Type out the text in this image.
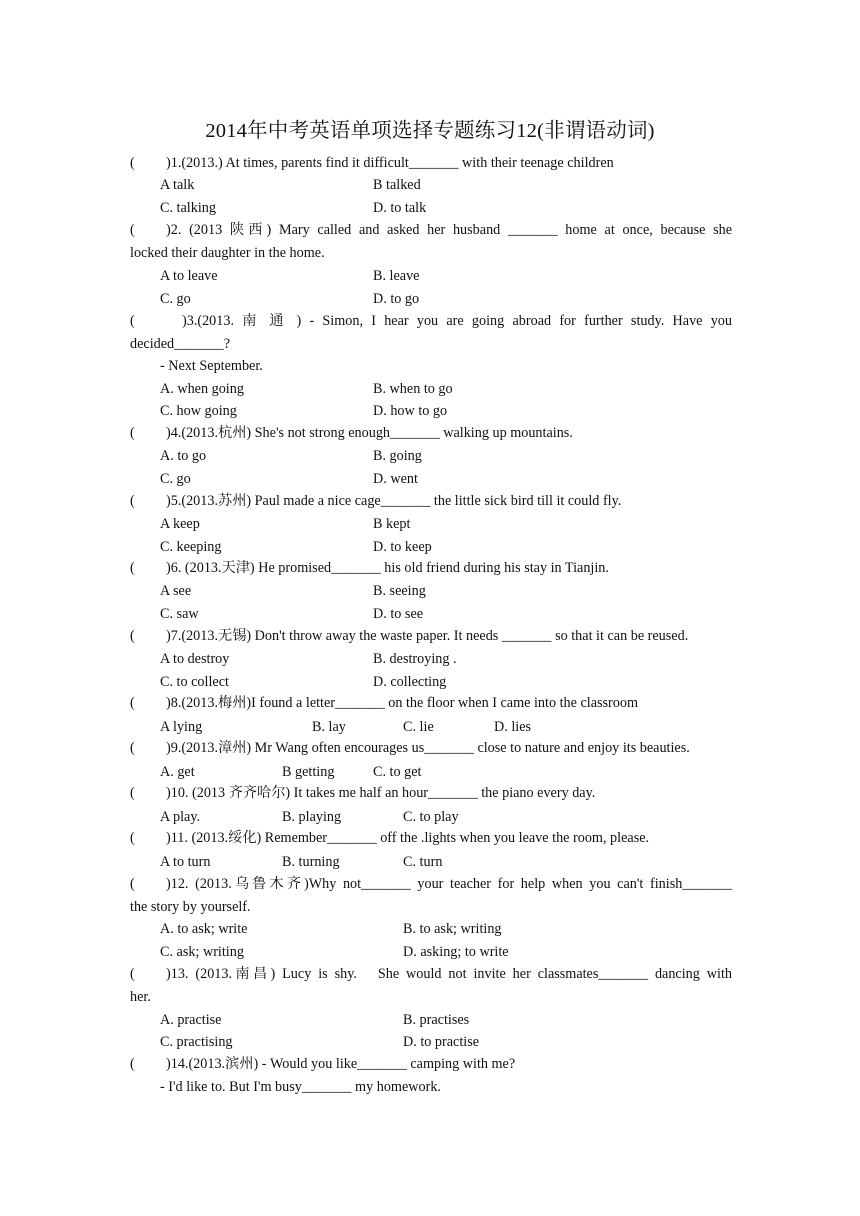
2014年中考英语单项选择专题练习12(非谓语动词)
(	)1.(2013.) At times, parents find it difficult_______ with their teenage children
A talk	B talked
C. talking	D. to talk
(	)2. (2013 陕西) Mary called and asked her husband _______ home at once, because she
locked their daughter in the home.
A to leave	B. leave
C. go	D. to go
(	)3.(2013. 南 通 ) - Simon, I hear you are going abroad for further study. Have you
decided_______?
- Next September.
A. when going	B. when to go
C. how going	D. how to go
(	)4.(2013.杭州) She's not strong enough_______ walking up mountains.
A. to go	B. going
C. go	D. went
(	)5.(2013.苏州) Paul made a nice cage_______ the little sick bird till it could fly.
A keep	B kept
C. keeping	D. to keep
(	)6. (2013.天津) He promised_______ his old friend during his stay in Tianjin.
A see	B. seeing
C. saw	D. to see
(	)7.(2013.无锡) Don't throw away the waste paper. It needs _______ so that it can be reused.
A to destroy	B. destroying .
C. to collect	D. collecting
(	)8.(2013.梅州)I found a letter_______ on the floor when I came into the classroom
A lying	B. lay	C. lie	D. lies
(	)9.(2013.漳州) Mr Wang often encourages us_______ close to nature and enjoy its beauties.
A. get	B getting	C. to get
(	)10. (2013 齐齐哈尔) It takes me half an hour_______ the piano every day.
A play.	B. playing	C. to play
(	)11. (2013.绥化) Remember_______ off the .lights when you leave the room, please.
A to turn	B. turning	C. turn
(	)12. (2013.乌鲁木齐)Why not_______ your teacher for help when you can't finish_______
the story by yourself.
A. to ask; write	B. to ask; writing
C. ask; writing	D. asking; to write
(	)13. (2013.南昌) Lucy is shy.　She would not invite her classmates_______ dancing with
her.
A. practise	B. practises
C. practising	D. to practise
(	)14.(2013.滨州) - Would you like_______ camping with me?
- I'd like to. But I'm busy_______ my homework.
